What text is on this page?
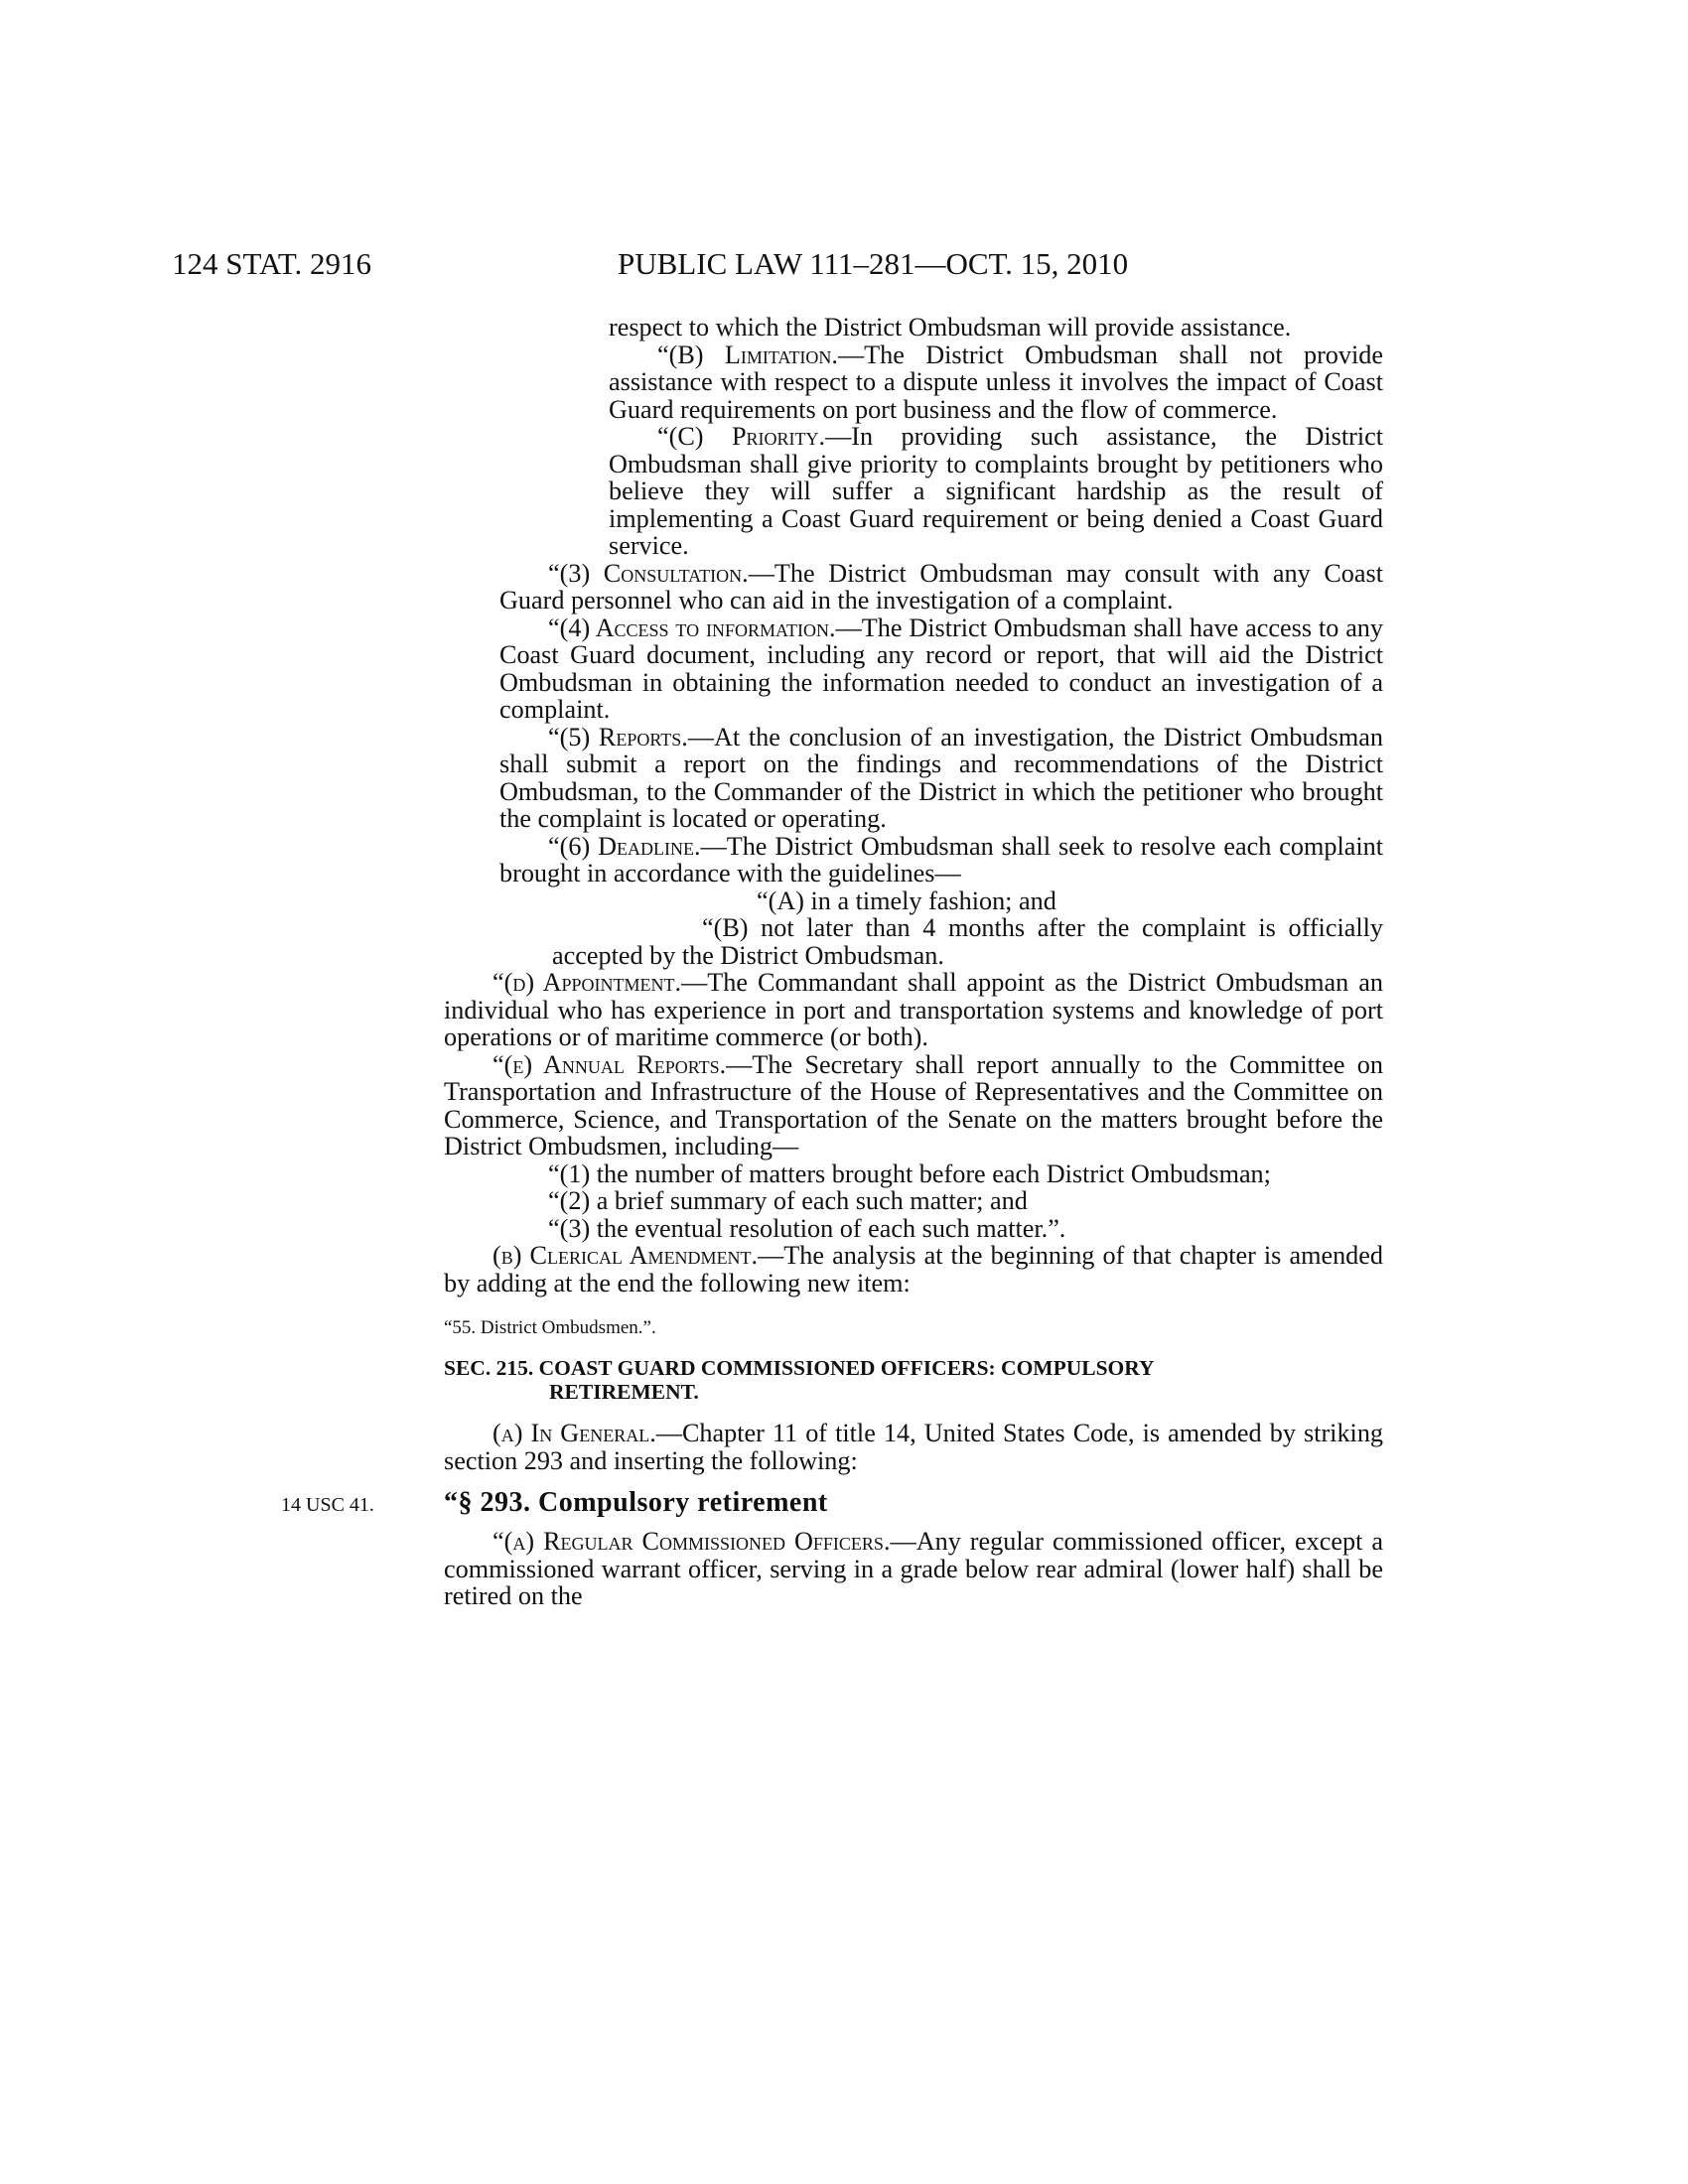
124 STAT. 2916	PUBLIC LAW 111–281—OCT. 15, 2010
14 USC 41.

respect to which the District Ombudsman will provide assistance.

“(B) Limitation.—The District Ombudsman shall not provide assistance with respect to a dispute unless it involves the impact of Coast Guard requirements on port business and the flow of commerce.

“(C) Priority.—In providing such assistance, the District Ombudsman shall give priority to complaints brought by petitioners who believe they will suffer a significant hardship as the result of implementing a Coast Guard requirement or being denied a Coast Guard service.

“(3) Consultation.—The District Ombudsman may consult with any Coast Guard personnel who can aid in the investigation of a complaint.

“(4) Access to information.—The District Ombudsman shall have access to any Coast Guard document, including any record or report, that will aid the District Ombudsman in obtaining the information needed to conduct an investigation of a complaint.

“(5) Reports.—At the conclusion of an investigation, the District Ombudsman shall submit a report on the findings and recommendations of the District Ombudsman, to the Commander of the District in which the petitioner who brought the complaint is located or operating.

“(6) Deadline.—The District Ombudsman shall seek to resolve each complaint brought in accordance with the guidelines—

“(A) in a timely fashion; and

“(B) not later than 4 months after the complaint is officially accepted by the District Ombudsman.

“(d) Appointment.—The Commandant shall appoint as the District Ombudsman an individual who has experience in port and transportation systems and knowledge of port operations or of maritime commerce (or both).

“(e) Annual Reports.—The Secretary shall report annually to the Committee on Transportation and Infrastructure of the House of Representatives and the Committee on Commerce, Science, and Transportation of the Senate on the matters brought before the District Ombudsmen, including—

“(1) the number of matters brought before each District Ombudsman;

“(2) a brief summary of each such matter; and

“(3) the eventual resolution of each such matter.”.

(b) Clerical Amendment.—The analysis at the beginning of that chapter is amended by adding at the end the following new item:

“55. District Ombudsmen.”.

SEC. 215. COAST GUARD COMMISSIONED OFFICERS: COMPULSORY
RETIREMENT.

(a) In General.—Chapter 11 of title 14, United States Code, is amended by striking section 293 and inserting the following:

“§ 293. Compulsory retirement

“(a) Regular Commissioned Officers.—Any regular commissioned officer, except a commissioned warrant officer, serving in a grade below rear admiral (lower half) shall be retired on the
